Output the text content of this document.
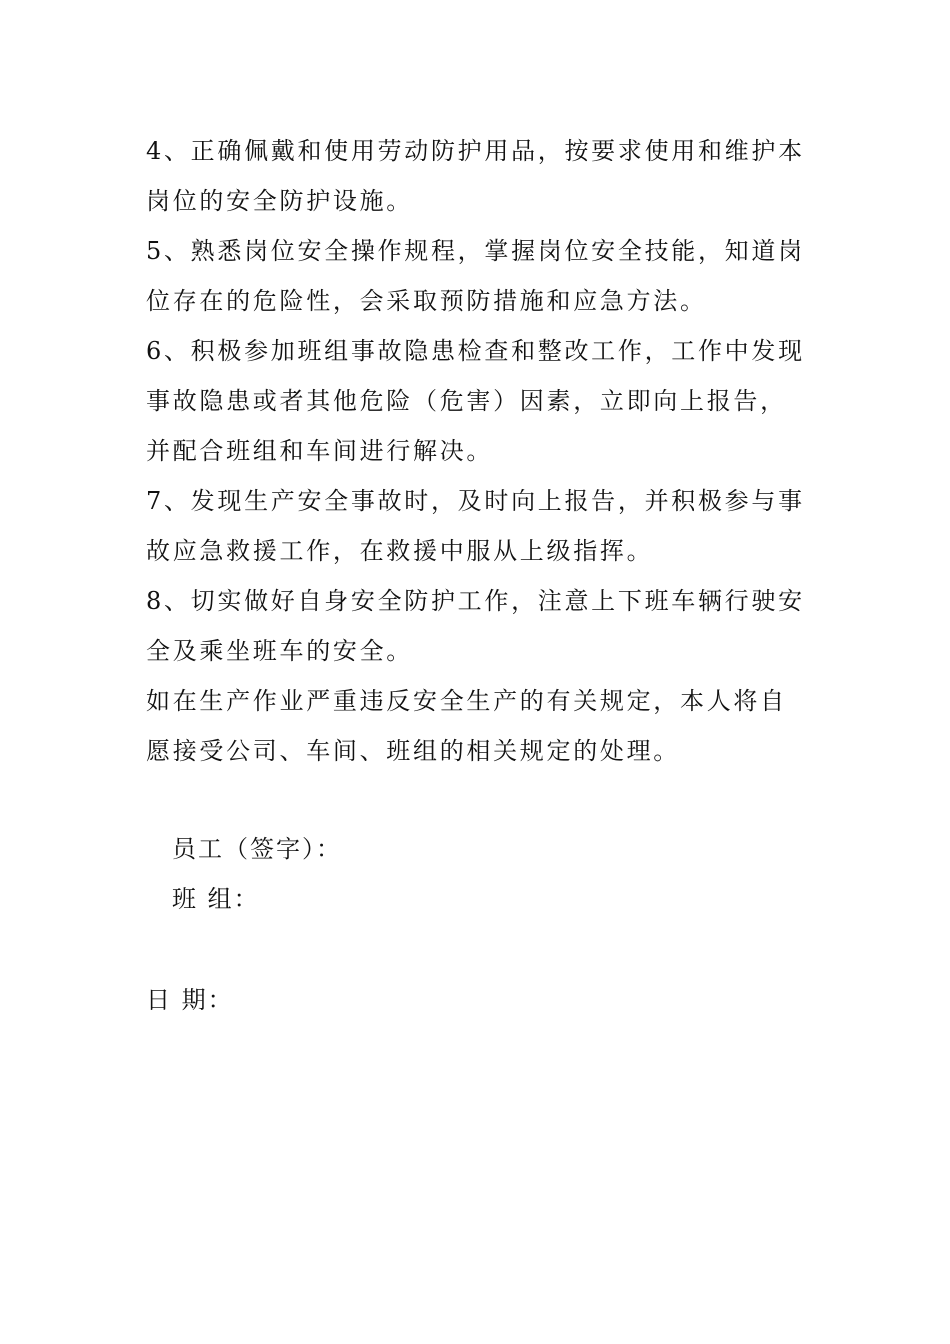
4、正确佩戴和使用劳动防护用品，按要求使用和维护本岗位的安全防护设施。

5、熟悉岗位安全操作规程，掌握岗位安全技能，知道岗位存在的危险性，会采取预防措施和应急方法。

6、积极参加班组事故隐患检查和整改工作，工作中发现事故隐患或者其他危险（危害）因素，立即向上报告，并配合班组和车间进行解决。

7、发现生产安全事故时，及时向上报告，并积极参与事故应急救援工作，在救援中服从上级指挥。

8、切实做好自身安全防护工作，注意上下班车辆行驶安全及乘坐班车的安全。

如在生产作业严重违反安全生产的有关规定，本人将自愿接受公司、车间、班组的相关规定的处理。

员工（签字）：

班 组：

日 期：
